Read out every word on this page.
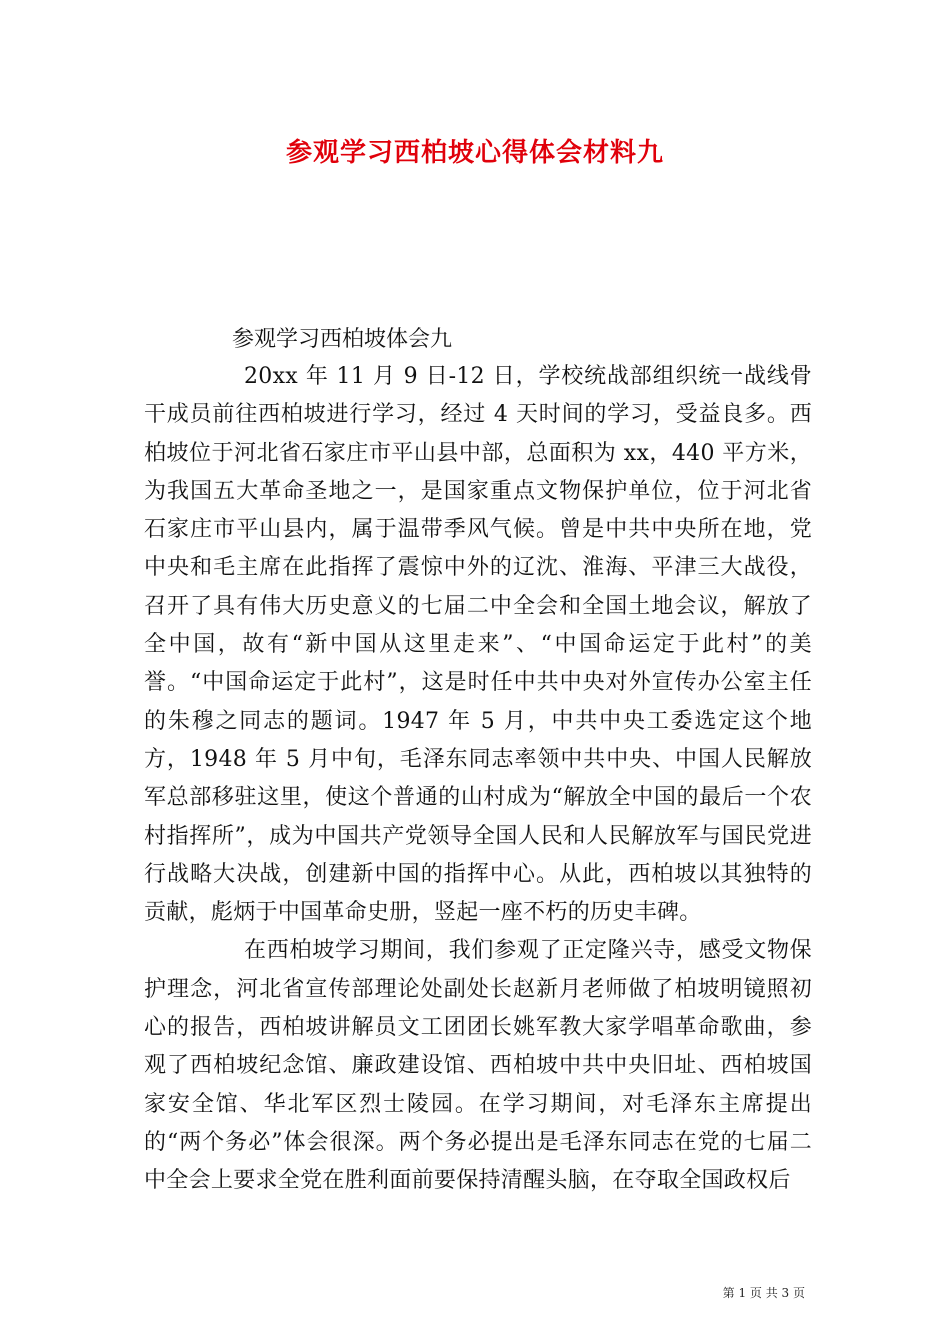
参观学习西柏坡心得体会材料九
参观学习西柏坡体会九

20xx 年 11 月 9 日-12 日，学校统战部组织统一战线骨干成员前往西柏坡进行学习，经过 4 天时间的学习，受益良多。西柏坡位于河北省石家庄市平山县中部，总面积为 xx，440 平方米，为我国五大革命圣地之一，是国家重点文物保护单位，位于河北省石家庄市平山县内，属于温带季风气候。曾是中共中央所在地，党中央和毛主席在此指挥了震惊中外的辽沈、淮海、平津三大战役，召开了具有伟大历史意义的七届二中全会和全国土地会议，解放了全中国，故有“新中国从这里走来”、“中国命运定于此村”的美誉。“中国命运定于此村”，这是时任中共中央对外宣传办公室主任的朱穆之同志的题词。1947 年 5 月，中共中央工委选定这个地方，1948 年 5 月中旬，毛泽东同志率领中共中央、中国人民解放军总部移驻这里，使这个普通的山村成为“解放全中国的最后一个农村指挥所”，成为中国共产党领导全国人民和人民解放军与国民党进行战略大决战，创建新中国的指挥中心。从此，西柏坡以其独特的贡献，彪炳于中国革命史册，竖起一座不朽的历史丰碑。

在西柏坡学习期间，我们参观了正定隆兴寺，感受文物保护理念，河北省宣传部理论处副处长赵新月老师做了柏坡明镜照初心的报告，西柏坡讲解员文工团团长姚军教大家学唱革命歌曲，参观了西柏坡纪念馆、廉政建设馆、西柏坡中共中央旧址、西柏坡国家安全馆、华北军区烈士陵园。在学习期间，对毛泽东主席提出的“两个务必”体会很深。两个务必提出是毛泽东同志在党的七届二中全会上要求全党在胜利面前要保持清醒头脑，在夺取全国政权后

第 1 页 共 3 页
